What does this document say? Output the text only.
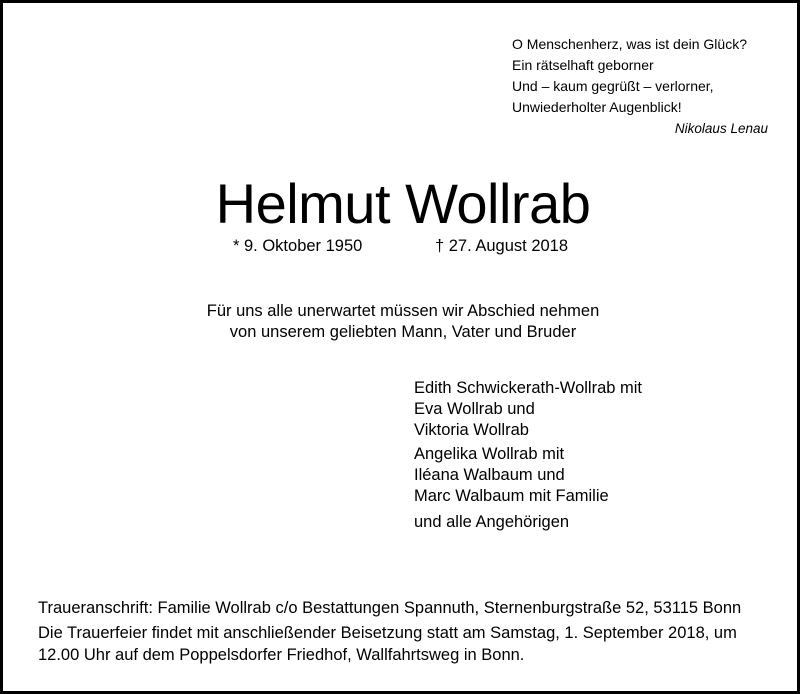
O Menschenherz, was ist dein Glück?
Ein rätselhaft geborner
Und – kaum gegrüßt – verlorner,
Unwiederholter Augenblick!
Nikolaus Lenau
Helmut Wollrab
* 9. Oktober 1950	† 27. August 2018
Für uns alle unerwartet müssen wir Abschied nehmen
von unserem geliebten Mann, Vater und Bruder
Edith Schwickerath-Wollrab mit
Eva Wollrab und
Viktoria Wollrab
Angelika Wollrab mit
Iléana Walbaum und
Marc Walbaum mit Familie
und alle Angehörigen
Traueranschrift: Familie Wollrab c/o Bestattungen Spannuth, Sternenburgstraße 52, 53115 Bonn
Die Trauerfeier findet mit anschließender Beisetzung statt am Samstag, 1. September 2018, um
12.00 Uhr auf dem Poppelsdorfer Friedhof, Wallfahrtsweg in Bonn.
